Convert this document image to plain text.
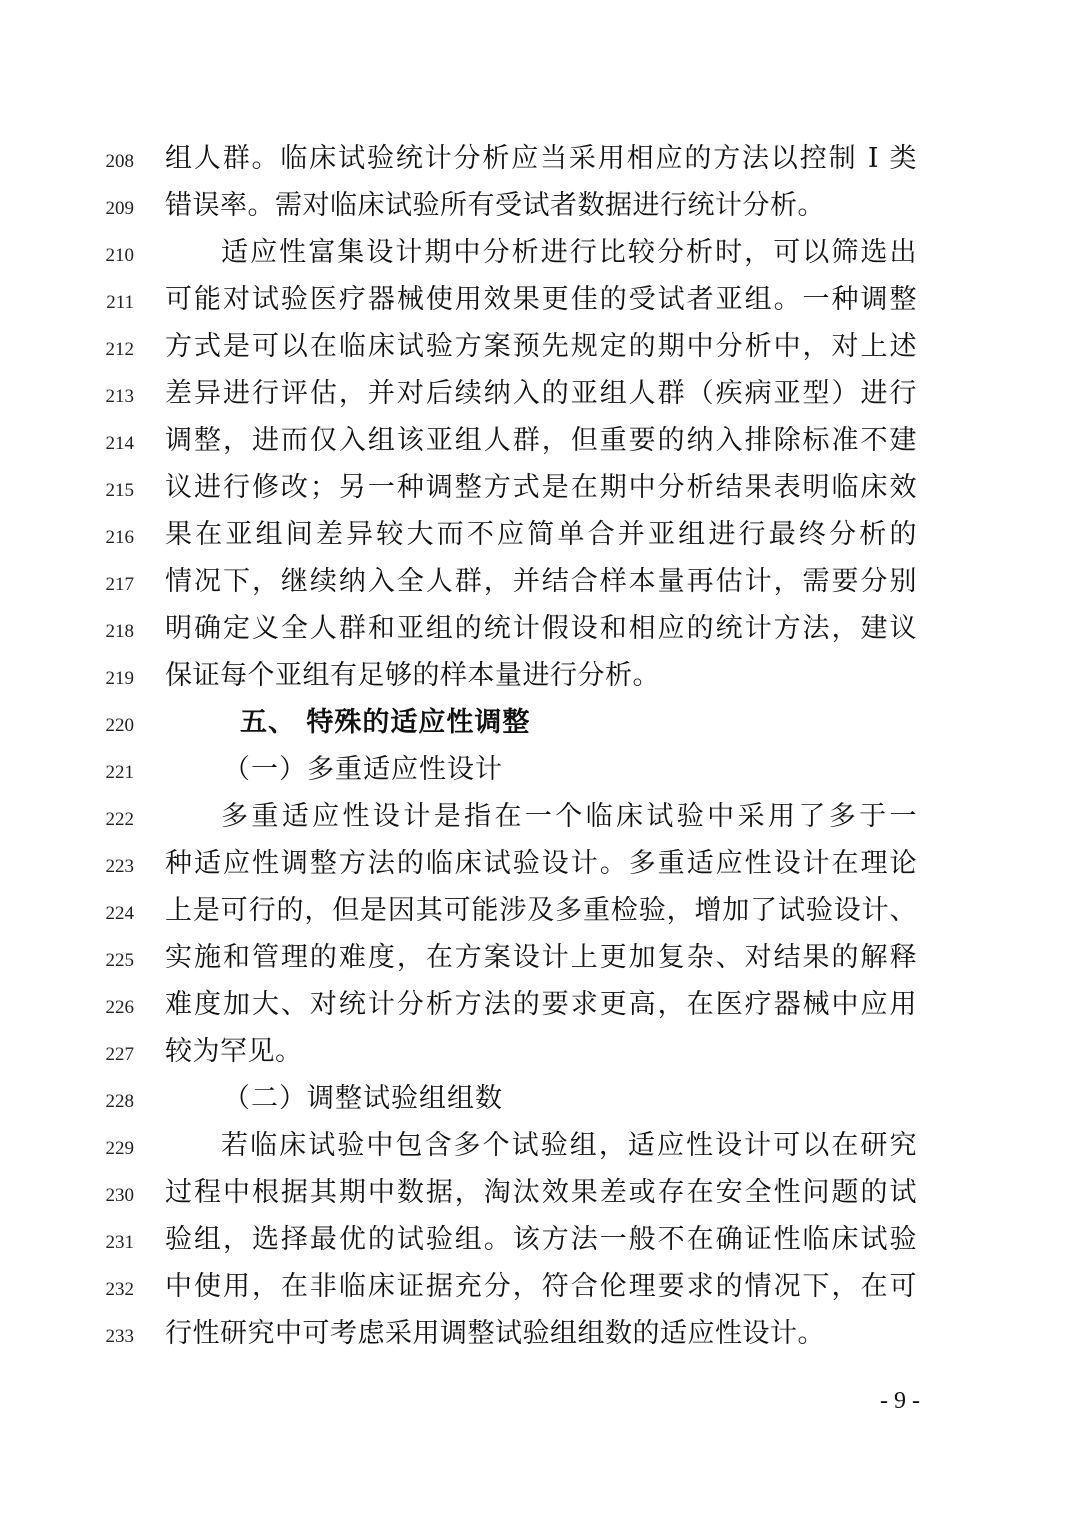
208 组人群。临床试验统计分析应当采用相应的方法以控制 I 类
209 错误率。需对临床试验所有受试者数据进行统计分析。
210	适应性富集设计期中分析进行比较分析时，可以筛选出
211 可能对试验医疗器械使用效果更佳的受试者亚组。一种调整
212 方式是可以在临床试验方案预先规定的期中分析中，对上述
213 差异进行评估，并对后续纳入的亚组人群（疾病亚型）进行
214 调整，进而仅入组该亚组人群，但重要的纳入排除标准不建
215 议进行修改；另一种调整方式是在期中分析结果表明临床效
216 果在亚组间差异较大而不应简单合并亚组进行最终分析的
217 情况下，继续纳入全人群，并结合样本量再估计，需要分别
218 明确定义全人群和亚组的统计假设和相应的统计方法，建议
219 保证每个亚组有足够的样本量进行分析。
220	五、 特殊的适应性调整
221	（一）多重适应性设计
222	多重适应性设计是指在一个临床试验中采用了多于一
223 种适应性调整方法的临床试验设计。多重适应性设计在理论
224 上是可行的，但是因其可能涉及多重检验，增加了试验设计、
225 实施和管理的难度，在方案设计上更加复杂、对结果的解释
226 难度加大、对统计分析方法的要求更高，在医疗器械中应用
227 较为罕见。
228	（二）调整试验组组数
229	若临床试验中包含多个试验组，适应性设计可以在研究
230 过程中根据其期中数据，淘汰效果差或存在安全性问题的试
231 验组，选择最优的试验组。该方法一般不在确证性临床试验
232 中使用，在非临床证据充分，符合伦理要求的情况下，在可
233 行性研究中可考虑采用调整试验组组数的适应性设计。
- 9 -
